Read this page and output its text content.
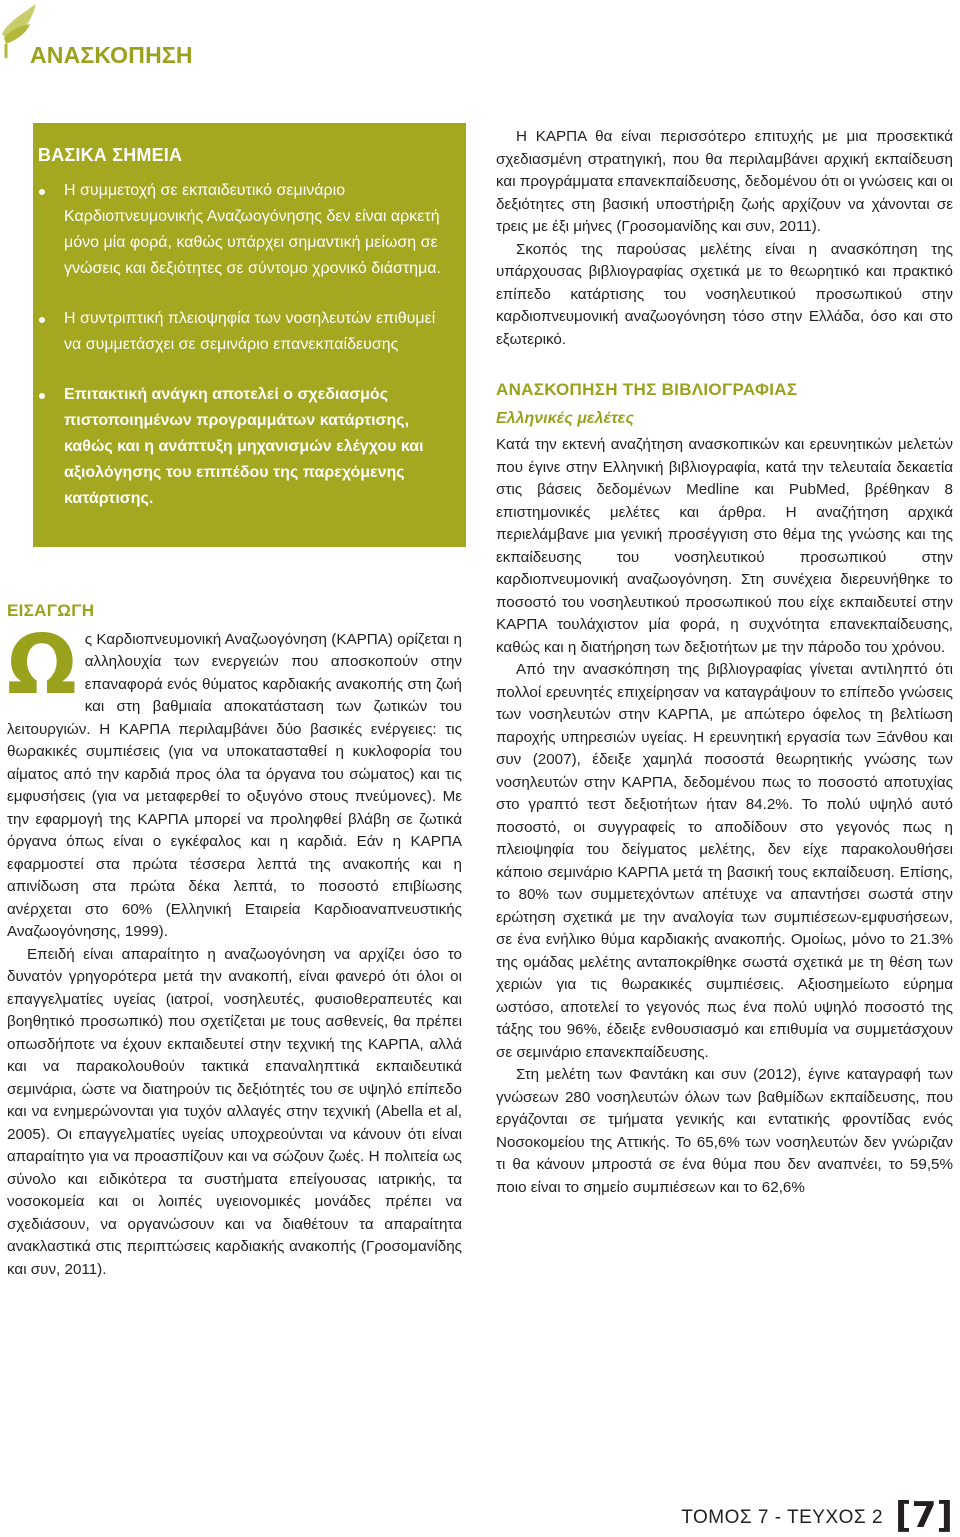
ΑΝΑΣΚΟΠΗΣΗ
ΒΑΣΙΚΑ ΣΗΜΕΙΑ
Η συμμετοχή σε εκπαιδευτικό σεμινάριο Καρδιοπνευμονικής Αναζωογόνησης δεν είναι αρκετή μόνο μία φορά, καθώς υπάρχει σημαντική μείωση σε γνώσεις και δεξιότητες σε σύντομο χρονικό διάστημα.
Η συντριπτική πλειοψηφία των νοσηλευτών επιθυμεί να συμμετάσχει σε σεμινάριο επανεκπαίδευσης
Επιτακτική ανάγκη αποτελεί ο σχεδιασμός πιστοποιημένων προγραμμάτων κατάρτισης, καθώς και η ανάπτυξη μηχανισμών ελέγχου και αξιολόγησης του επιπέδου της παρεχόμενης κατάρτισης.
ΕΙΣΑΓΩΓΗ

Ως Καρδιοπνευμονική Αναζωογόνηση (ΚΑΡΠΑ) ορίζεται η αλληλουχία των ενεργειών που αποσκοπούν στην επαναφορά ενός θύματος καρδιακής ανακοπής στη ζωή και στη βαθμιαία αποκατάσταση των ζωτικών του λειτουργιών. Η ΚΑΡΠΑ περιλαμβάνει δύο βασικές ενέργειες: τις θωρακικές συμπιέσεις (για να υποκατασταθεί η κυκλοφορία του αίματος από την καρδιά προς όλα τα όργανα του σώματος) και τις εμφυσήσεις (για να μεταφερθεί το οξυγόνο στους πνεύμονες). Με την εφαρμογή της ΚΑΡΠΑ μπορεί να προληφθεί βλάβη σε ζωτικά όργανα όπως είναι ο εγκέφαλος και η καρδιά. Εάν η ΚΑΡΠΑ εφαρμοστεί στα πρώτα τέσσερα λεπτά της ανακοπής και η απινίδωση στα πρώτα δέκα λεπτά, το ποσοστό επιβίωσης ανέρχεται στο 60% (Ελληνική Εταιρεία Καρδιοαναπνευστικής Αναζωογόνησης, 1999).

Επειδή είναι απαραίτητο η αναζωογόνηση να αρχίζει όσο το δυνατόν γρηγορότερα μετά την ανακοπή, είναι φανερό ότι όλοι οι επαγγελματίες υγείας (ιατροί, νοσηλευτές, φυσιοθεραπευτές και βοηθητικό προσωπικό) που σχετίζεται με τους ασθενείς, θα πρέπει οπωσδήποτε να έχουν εκπαιδευτεί στην τεχνική της ΚΑΡΠΑ, αλλά και να παρακολουθούν τακτικά επαναληπτικά εκπαιδευτικά σεμινάρια, ώστε να διατηρούν τις δεξιότητές του σε υψηλό επίπεδο και να ενημερώνονται για τυχόν αλλαγές στην τεχνική (Abella et al, 2005). Οι επαγγελματίες υγείας υποχρεούνται να κάνουν ότι είναι απαραίτητο για να προασπίζουν και να σώζουν ζωές. Η πολιτεία ως σύνολο και ειδικότερα τα συστήματα επείγουσας ιατρικής, τα νοσοκομεία και οι λοιπές υγειονομικές μονάδες πρέπει να σχεδιάσουν, να οργανώσουν και να διαθέτουν τα απαραίτητα ανακλαστικά στις περιπτώσεις καρδιακής ανακοπής (Γροσομανίδης και συν, 2011).

Η ΚΑΡΠΑ θα είναι περισσότερο επιτυχής με μια προσεκτικά σχεδιασμένη στρατηγική, που θα περιλαμβάνει αρχική εκπαίδευση και προγράμματα επανεκπαίδευσης, δεδομένου ότι οι γνώσεις και οι δεξιότητες στη βασική υποστήριξη ζωής αρχίζουν να χάνονται σε τρεις με έξι μήνες (Γροσομανίδης και συν, 2011).

Σκοπός της παρούσας μελέτης είναι η ανασκόπηση της υπάρχουσας βιβλιογραφίας σχετικά με το θεωρητικό και πρακτικό επίπεδο κατάρτισης του νοσηλευτικού προσωπικού στην καρδιοπνευμονική αναζωογόνηση τόσο στην Ελλάδα, όσο και στο εξωτερικό.

ΑΝΑΣΚΟΠΗΣΗ ΤΗΣ ΒΙΒΛΙΟΓΡΑΦΙΑΣ
Ελληνικές μελέτες

Κατά την εκτενή αναζήτηση ανασκοπικών και ερευνητικών μελετών που έγινε στην Ελληνική βιβλιογραφία, κατά την τελευταία δεκαετία στις βάσεις δεδομένων Medline και PubMed, βρέθηκαν 8 επιστημονικές μελέτες και άρθρα. Η αναζήτηση αρχικά περιελάμβανε μια γενική προσέγγιση στο θέμα της γνώσης και της εκπαίδευσης του νοσηλευτικού προσωπικού στην καρδιοπνευμονική αναζωογόνηση. Στη συνέχεια διερευνήθηκε το ποσοστό του νοσηλευτικού προσωπικού που είχε εκπαιδευτεί στην ΚΑΡΠΑ τουλάχιστον μία φορά, η συχνότητα επανεκπαίδευσης, καθώς και η διατήρηση των δεξιοτήτων με την πάροδο του χρόνου.

Από την ανασκόπηση της βιβλιογραφίας γίνεται αντιληπτό ότι πολλοί ερευνητές επιχείρησαν να καταγράψουν το επίπεδο γνώσεις των νοσηλευτών στην ΚΑΡΠΑ, με απώτερο όφελος τη βελτίωση παροχής υπηρεσιών υγείας. Η ερευνητική εργασία των Ξάνθου και συν (2007), έδειξε χαμηλά ποσοστά θεωρητικής γνώσης των νοσηλευτών στην ΚΑΡΠΑ, δεδομένου πως το ποσοστό αποτυχίας στο γραπτό τεστ δεξιοτήτων ήταν 84.2%. Το πολύ υψηλό αυτό ποσοστό, οι συγγραφείς το αποδίδουν στο γεγονός πως η πλειοψηφία του δείγματος μελέτης, δεν είχε παρακολουθήσει κάποιο σεμινάριο ΚΑΡΠΑ μετά τη βασική τους εκπαίδευση. Επίσης, το 80% των συμμετεχόντων απέτυχε να απαντήσει σωστά στην ερώτηση σχετικά με την αναλογία των συμπιέσεων-εμφυσήσεων, σε ένα ενήλικο θύμα καρδιακής ανακοπής. Ομοίως, μόνο το 21.3% της ομάδας μελέτης ανταποκρίθηκε σωστά σχετικά με τη θέση των χεριών για τις θωρακικές συμπιέσεις. Αξιοσημείωτο εύρημα ωστόσο, αποτελεί το γεγονός πως ένα πολύ υψηλό ποσοστό της τάξης του 96%, έδειξε ενθουσιασμό και επιθυμία να συμμετάσχουν σε σεμινάριο επανεκπαίδευσης.

Στη μελέτη των Φαντάκη και συν (2012), έγινε καταγραφή των γνώσεων 280 νοσηλευτών όλων των βαθμίδων εκπαίδευσης, που εργάζονται σε τμήματα γενικής και εντατικής φροντίδας ενός Νοσοκομείου της Αττικής. Το 65,6% των νοσηλευτών δεν γνώριζαν τι θα κάνουν μπροστά σε ένα θύμα που δεν αναπνέει, το 59,5% ποιο είναι το σημείο συμπιέσεων και το 62,6%

ΤΟΜΟΣ 7 - ΤΕΥΧΟΣ 2 [7]
